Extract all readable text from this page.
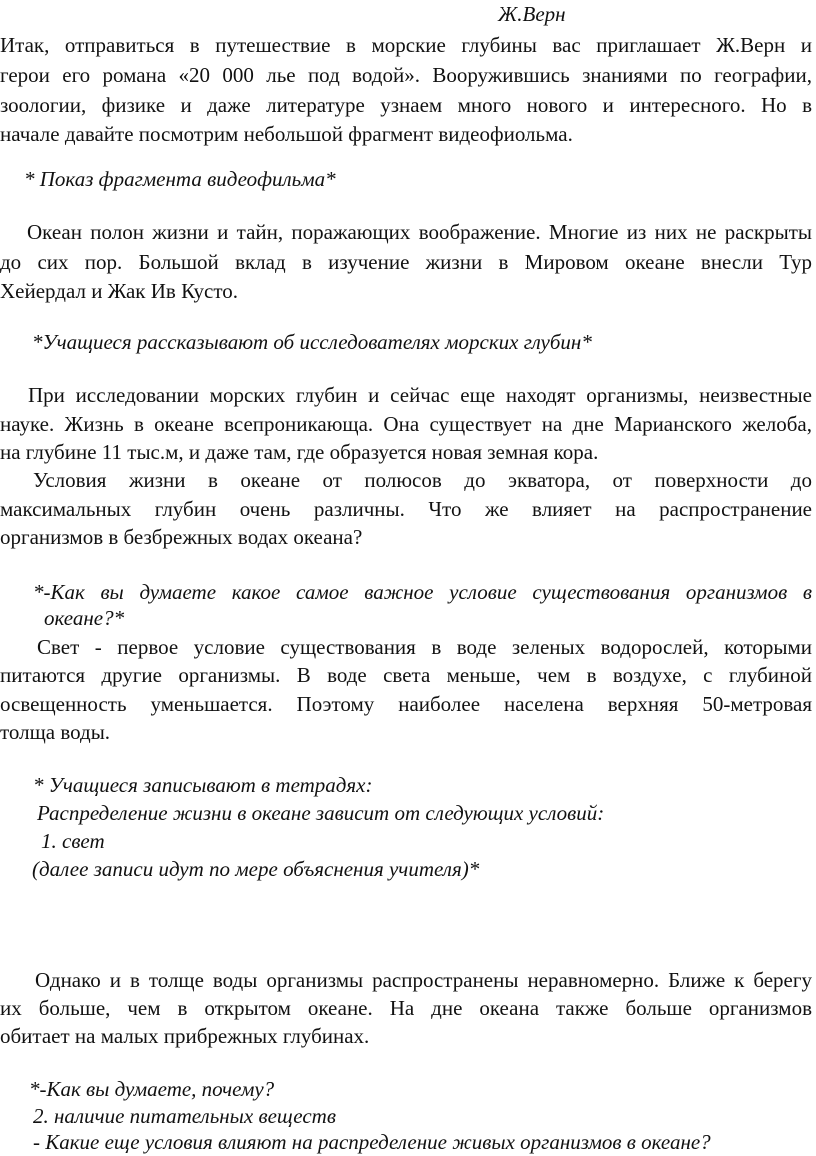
Ж.Верн
Итак, отправиться в путешествие в морские глубины вас приглашает Ж.Верн и
герои его романа «20 000 лье под водой». Вооружившись знаниями по географии,
зоологии, физике и даже литературе узнаем много нового и интересного. Но в
начале давайте посмотрим небольшой фрагмент видеофиольма.
* Показ фрагмента видеофильма*
Океан полон жизни и тайн, поражающих воображение. Многие из них не раскрыты
до сих пор. Большой вклад в изучение жизни в Мировом океане внесли Тур
Хейердал и Жак Ив Кусто.
*Учащиеся рассказывают об исследователях морских глубин*
При исследовании морских глубин и сейчас еще находят организмы, неизвестные
науке. Жизнь в океане всепроникающа. Она существует на дне Марианского желоба,
на глубине 11 тыс.м, и даже там, где образуется новая земная кора.
Условия жизни в океане от полюсов до экватора, от поверхности до
максимальных глубин очень различны. Что же влияет на распространение
организмов в безбрежных водах океана?
*-Как вы думаете какое самое важное условие существования организмов в
океане?*
Свет - первое условие существования в воде зеленых водорослей, которыми
питаются другие организмы. В воде света меньше, чем в воздухе, с глубиной
освещенность уменьшается. Поэтому наиболее населена верхняя 50-метровая
толща воды.
* Учащиеся записывают в тетрадях:
Распределение жизни в океане зависит от следующих условий:
1. свет
(далее записи идут по мере объяснения учителя)*
Однако и в толще воды организмы распространены неравномерно. Ближе к берегу
их больше, чем в открытом океане. На дне океана также больше организмов
обитает на малых прибрежных глубинах.
*-Как вы думаете, почему?
2. наличие питательных веществ
- Какие еще условия влияют на распределение живых организмов в океане?
